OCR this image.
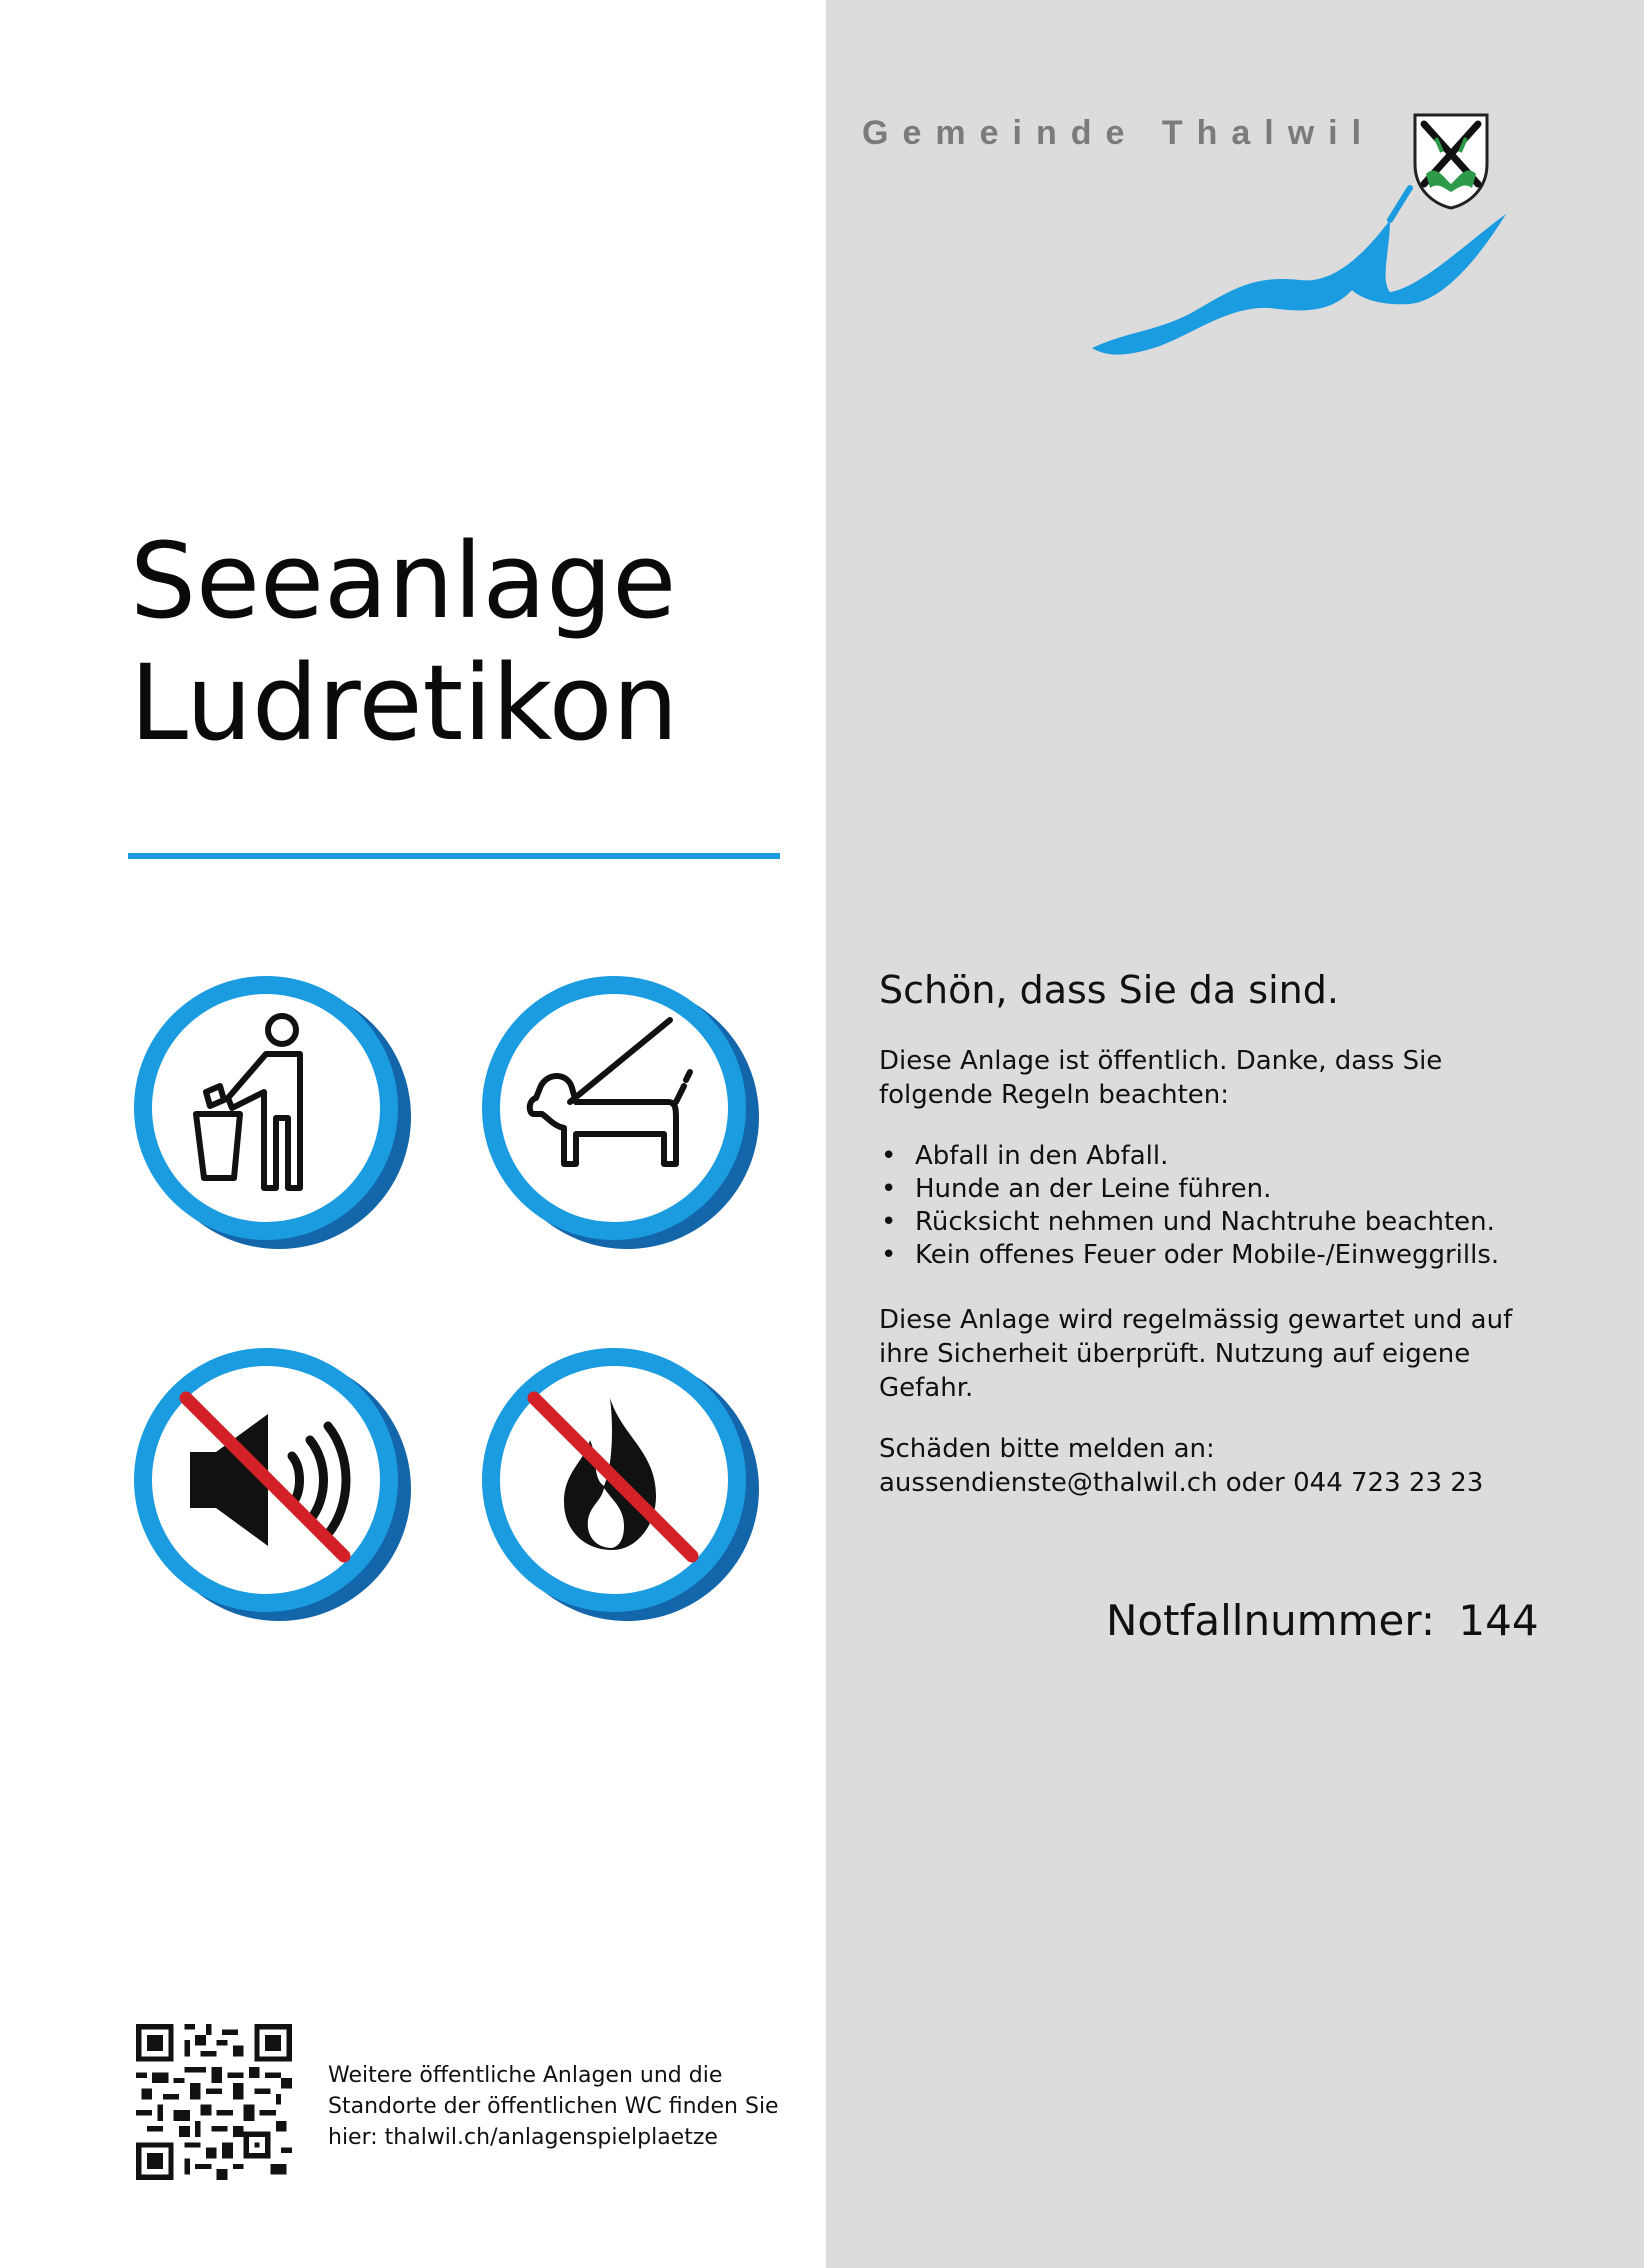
Gemeinde Thalwil
Seeanlage
Ludretikon
Schön, dass Sie da sind.

Diese Anlage ist öffentlich. Danke, dass Sie folgende Regeln beachten:

• Abfall in den Abfall.
• Hunde an der Leine führen.
• Rücksicht nehmen und Nachtruhe beachten.
• Kein offenes Feuer oder Mobile-/Einweggrills.

Diese Anlage wird regelmässig gewartet und auf ihre Sicherheit überprüft. Nutzung auf eigene Gefahr.

Schäden bitte melden an:

aussendienste@thalwil.ch oder 044 723 23 23

Notfallnummer: 144

Weitere öffentliche Anlagen und die Standorte der öffentlichen WC finden Sie hier: thalwil.ch/anlagenspielplaetze
